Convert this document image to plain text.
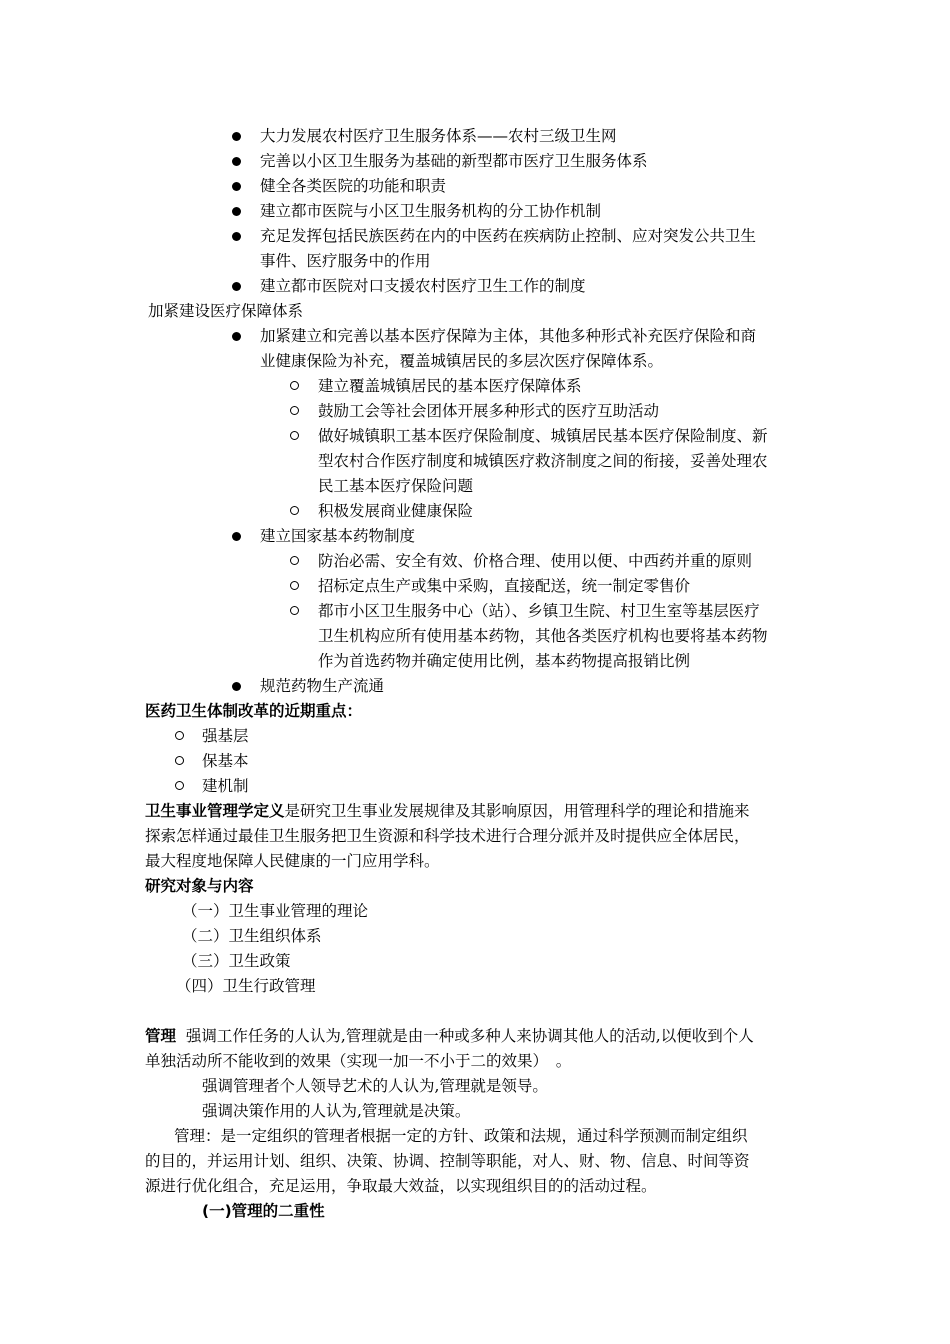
大力发展农村医疗卫生服务体系——农村三级卫生网
完善以小区卫生服务为基础的新型都市医疗卫生服务体系
健全各类医院的功能和职责
建立都市医院与小区卫生服务机构的分工协作机制
充足发挥包括民族医药在内的中医药在疾病防止控制、应对突发公共卫生
事件、医疗服务中的作用
建立都市医院对口支援农村医疗卫生工作的制度
加紧建设医疗保障体系
加紧建立和完善以基本医疗保障为主体，其他多种形式补充医疗保险和商
业健康保险为补充，覆盖城镇居民的多层次医疗保障体系。
建立覆盖城镇居民的基本医疗保障体系
鼓励工会等社会团体开展多种形式的医疗互助活动
做好城镇职工基本医疗保险制度、城镇居民基本医疗保险制度、新
型农村合作医疗制度和城镇医疗救济制度之间的衔接，妥善处理农
民工基本医疗保险问题
积极发展商业健康保险
建立国家基本药物制度
防治必需、安全有效、价格合理、使用以便、中西药并重的原则
招标定点生产或集中采购，直接配送，统一制定零售价
都市小区卫生服务中心（站）、乡镇卫生院、村卫生室等基层医疗
卫生机构应所有使用基本药物，其他各类医疗机构也要将基本药物
作为首选药物并确定使用比例，基本药物提高报销比例
规范药物生产流通
医药卫生体制改革的近期重点：
强基层
保基本
建机制
卫生事业管理学定义是研究卫生事业发展规律及其影响原因，用管理科学的理论和措施来
探索怎样通过最佳卫生服务把卫生资源和科学技术进行合理分派并及时提供应全体居民，
最大程度地保障人民健康的一门应用学科。
研究对象与内容
（一）卫生事业管理的理论
（二）卫生组织体系
（三）卫生政策
（四）卫生行政管理
管理 强调工作任务的人认为,管理就是由一种或多种人来协调其他人的活动,以便收到个人
单独活动所不能收到的效果（实现一加一不小于二的效果）　。
强调管理者个人领导艺术的人认为,管理就是领导。
强调决策作用的人认为,管理就是决策。
管理：是一定组织的管理者根据一定的方针、政策和法规，通过科学预测而制定组织
的目的，并运用计划、组织、决策、协调、控制等职能，对人、财、物、信息、时间等资
源进行优化组合，充足运用，争取最大效益，以实现组织目的的活动过程。
(一)管理的二重性
